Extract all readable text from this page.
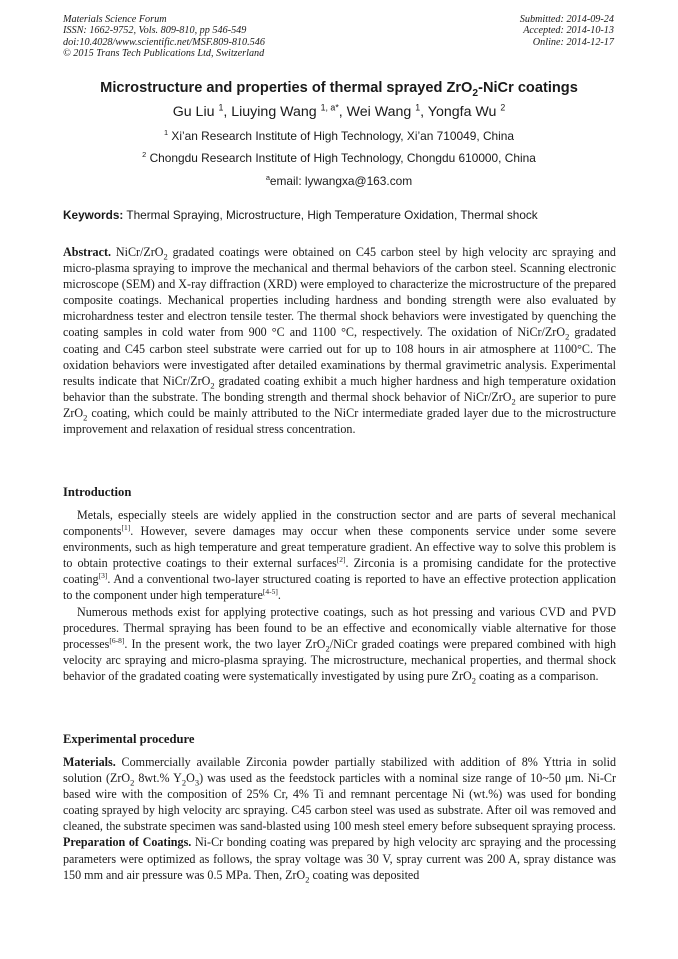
Materials Science Forum
ISSN: 1662-9752, Vols. 809-810, pp 546-549
doi:10.4028/www.scientific.net/MSF.809-810.546
© 2015 Trans Tech Publications Ltd, Switzerland
Submitted: 2014-09-24
Accepted: 2014-10-13
Online: 2014-12-17
Microstructure and properties of thermal sprayed ZrO$_2$-NiCr coatings
Gu Liu $^1$, Liuying Wang $^{1, a*}$, Wei Wang $^1$, Yongfa Wu $^2$
$^1$ Xi’an Research Institute of High Technology, Xi’an 710049, China
$^2$ Chongdu Research Institute of High Technology, Chongdu 610000, China
$^a$email: lywangxa@163.com
Keywords: Thermal Spraying, Microstructure, High Temperature Oxidation, Thermal shock

Abstract. NiCr/ZrO$_2$ gradated coatings were obtained on C45 carbon steel by high velocity arc spraying and micro-plasma spraying to improve the mechanical and thermal behaviors of the carbon steel. Scanning electronic microscope (SEM) and X-ray diffraction (XRD) were employed to characterize the microstructure of the prepared composite coatings. Mechanical properties including hardness and bonding strength were also evaluated by microhardness tester and electron tensile tester. The thermal shock behaviors were investigated by quenching the coating samples in cold water from 900 °C and 1100 °C, respectively. The oxidation of NiCr/ZrO$_2$ gradated coating and C45 carbon steel substrate were carried out for up to 108 hours in air atmosphere at 1100°C. The oxidation behaviors were investigated after detailed examinations by thermal gravimetric analysis. Experimental results indicate that NiCr/ZrO$_2$ gradated coating exhibit a much higher hardness and high temperature oxidation behavior than the substrate. The bonding strength and thermal shock behavior of NiCr/ZrO$_2$ are superior to pure ZrO$_2$ coating, which could be mainly attributed to the NiCr intermediate graded layer due to the microstructure improvement and relaxation of residual stress concentration.

Introduction

Metals, especially steels are widely applied in the construction sector and are parts of several mechanical components[1]. However, severe damages may occur when these components service under some severe environments, such as high temperature and great temperature gradient. An effective way to solve this problem is to obtain protective coatings to their external surfaces[2]. Zirconia is a promising candidate for the protective coating[3]. And a conventional two-layer structured coating is reported to have an effective protection application to the component under high temperature[4-5].

Numerous methods exist for applying protective coatings, such as hot pressing and various CVD and PVD procedures. Thermal spraying has been found to be an effective and economically viable alternative for those processes[6-8]. In the present work, the two layer ZrO$_2$/NiCr graded coatings were prepared combined with high velocity arc spraying and micro-plasma spraying. The microstructure, mechanical properties, and thermal shock behavior of the gradated coating were systematically investigated by using pure ZrO$_2$ coating as a comparison.

Experimental procedure

Materials. Commercially available Zirconia powder partially stabilized with addition of 8% Yttria in solid solution (ZrO$_2$ 8wt.% $Y_2O_3$) was used as the feedstock particles with a nominal size range of 10~50 μm. Ni-Cr based wire with the composition of 25% Cr, 4% Ti and remnant percentage Ni (wt.%) was used for bonding coating sprayed by high velocity arc spraying. C45 carbon steel was used as substrate. After oil was removed and cleaned, the substrate specimen was sand-blasted using 100 mesh steel emery before subsequent spraying process.

Preparation of Coatings. Ni-Cr bonding coating was prepared by high velocity arc spraying and the processing parameters were optimized as follows, the spray voltage was 30 V, spray current was 200 A, spray distance was 150 mm and air pressure was 0.5 MPa. Then, ZrO$_2$ coating was deposited
